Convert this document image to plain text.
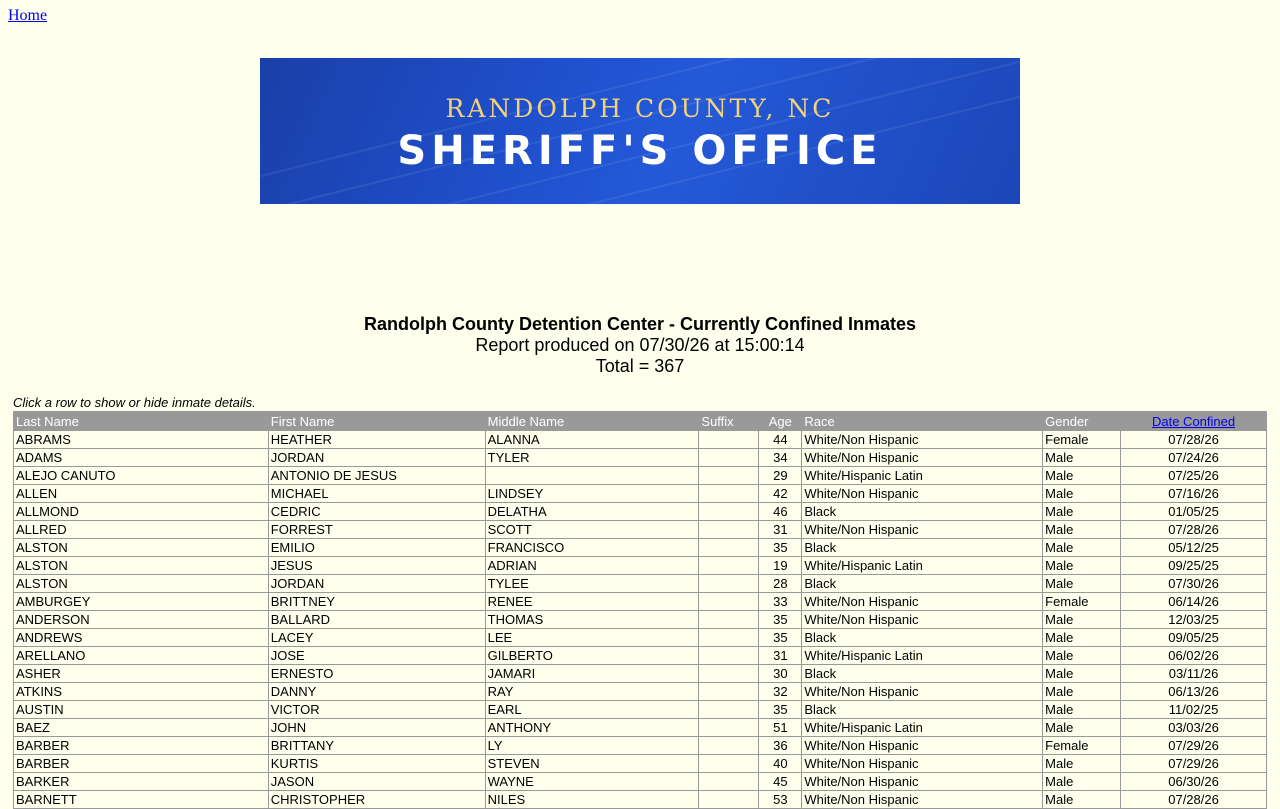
Home
RANDOLPH COUNTY, NC
SHERIFF'S OFFICE
Randolph County Detention Center - Currently Confined Inmates
Report produced on 07/30/26 at 15:00:14
Total = 367
Click a row to show or hide inmate details.
Last Name	First Name	Middle Name	Suffix	Age	Race	Gender	Date Confined
ABRAMS	HEATHER	ALANNA		44	White/Non Hispanic	Female	07/28/26
ADAMS	JORDAN	TYLER		34	White/Non Hispanic	Male	07/24/26
ALEJO CANUTO	ANTONIO DE JESUS			29	White/Hispanic Latin	Male	07/25/26
ALLEN	MICHAEL	LINDSEY		42	White/Non Hispanic	Male	07/16/26
ALLMOND	CEDRIC	DELATHA		46	Black	Male	01/05/25
ALLRED	FORREST	SCOTT		31	White/Non Hispanic	Male	07/28/26
ALSTON	EMILIO	FRANCISCO		35	Black	Male	05/12/25
ALSTON	JESUS	ADRIAN		19	White/Hispanic Latin	Male	09/25/25
ALSTON	JORDAN	TYLEE		28	Black	Male	07/30/26
AMBURGEY	BRITTNEY	RENEE		33	White/Non Hispanic	Female	06/14/26
ANDERSON	BALLARD	THOMAS		35	White/Non Hispanic	Male	12/03/25
ANDREWS	LACEY	LEE		35	Black	Male	09/05/25
ARELLANO	JOSE	GILBERTO		31	White/Hispanic Latin	Male	06/02/26
ASHER	ERNESTO	JAMARI		30	Black	Male	03/11/26
ATKINS	DANNY	RAY		32	White/Non Hispanic	Male	06/13/26
AUSTIN	VICTOR	EARL		35	Black	Male	11/02/25
BAEZ	JOHN	ANTHONY		51	White/Hispanic Latin	Male	03/03/26
BARBER	BRITTANY	LY		36	White/Non Hispanic	Female	07/29/26
BARBER	KURTIS	STEVEN		40	White/Non Hispanic	Male	07/29/26
BARKER	JASON	WAYNE		45	White/Non Hispanic	Male	06/30/26
BARNETT	CHRISTOPHER	NILES		53	White/Non Hispanic	Male	07/28/26
